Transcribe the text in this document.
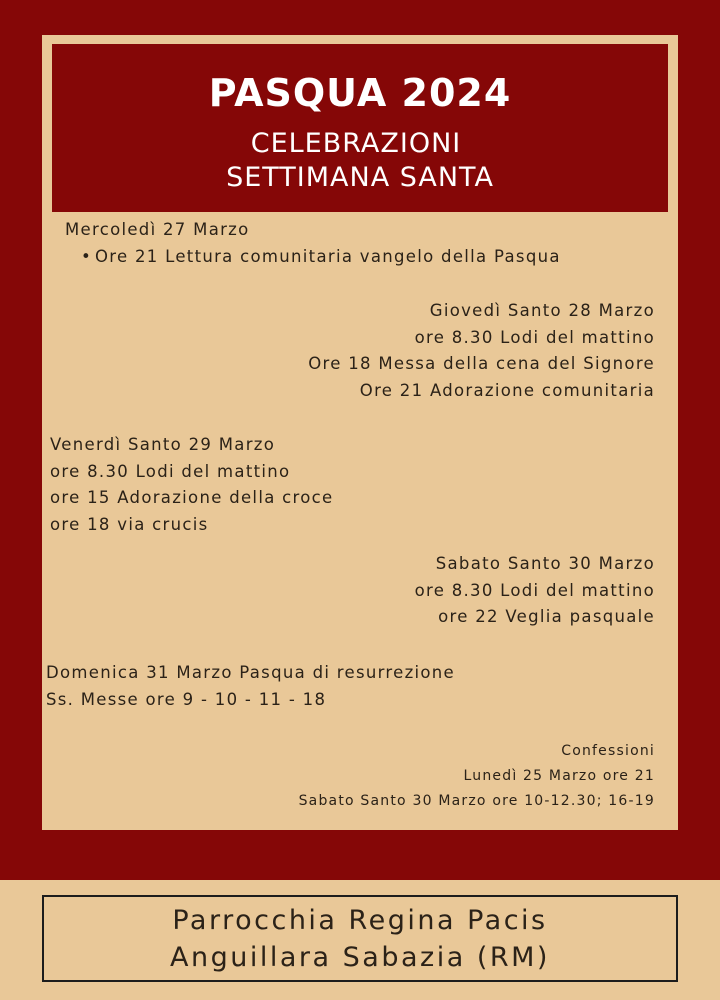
PASQUA 2024
CELEBRAZIONI
SETTIMANA SANTA
Mercoledì 27 Marzo
• Ore 21 Lettura comunitaria vangelo della Pasqua
Giovedì Santo 28 Marzo
ore 8.30 Lodi del mattino
Ore 18 Messa della cena del Signore
Ore 21 Adorazione comunitaria
Venerdì Santo 29 Marzo
ore 8.30 Lodi del mattino
ore 15 Adorazione della croce
ore 18 via crucis
Sabato Santo 30 Marzo
ore 8.30 Lodi del mattino
ore 22 Veglia pasquale
Domenica 31 Marzo Pasqua di resurrezione
Ss. Messe ore 9 - 10 - 11 - 18
Confessioni
Lunedì 25 Marzo ore 21
Sabato Santo 30 Marzo ore 10-12.30; 16-19
Parrocchia Regina Pacis
Anguillara Sabazia (RM)
